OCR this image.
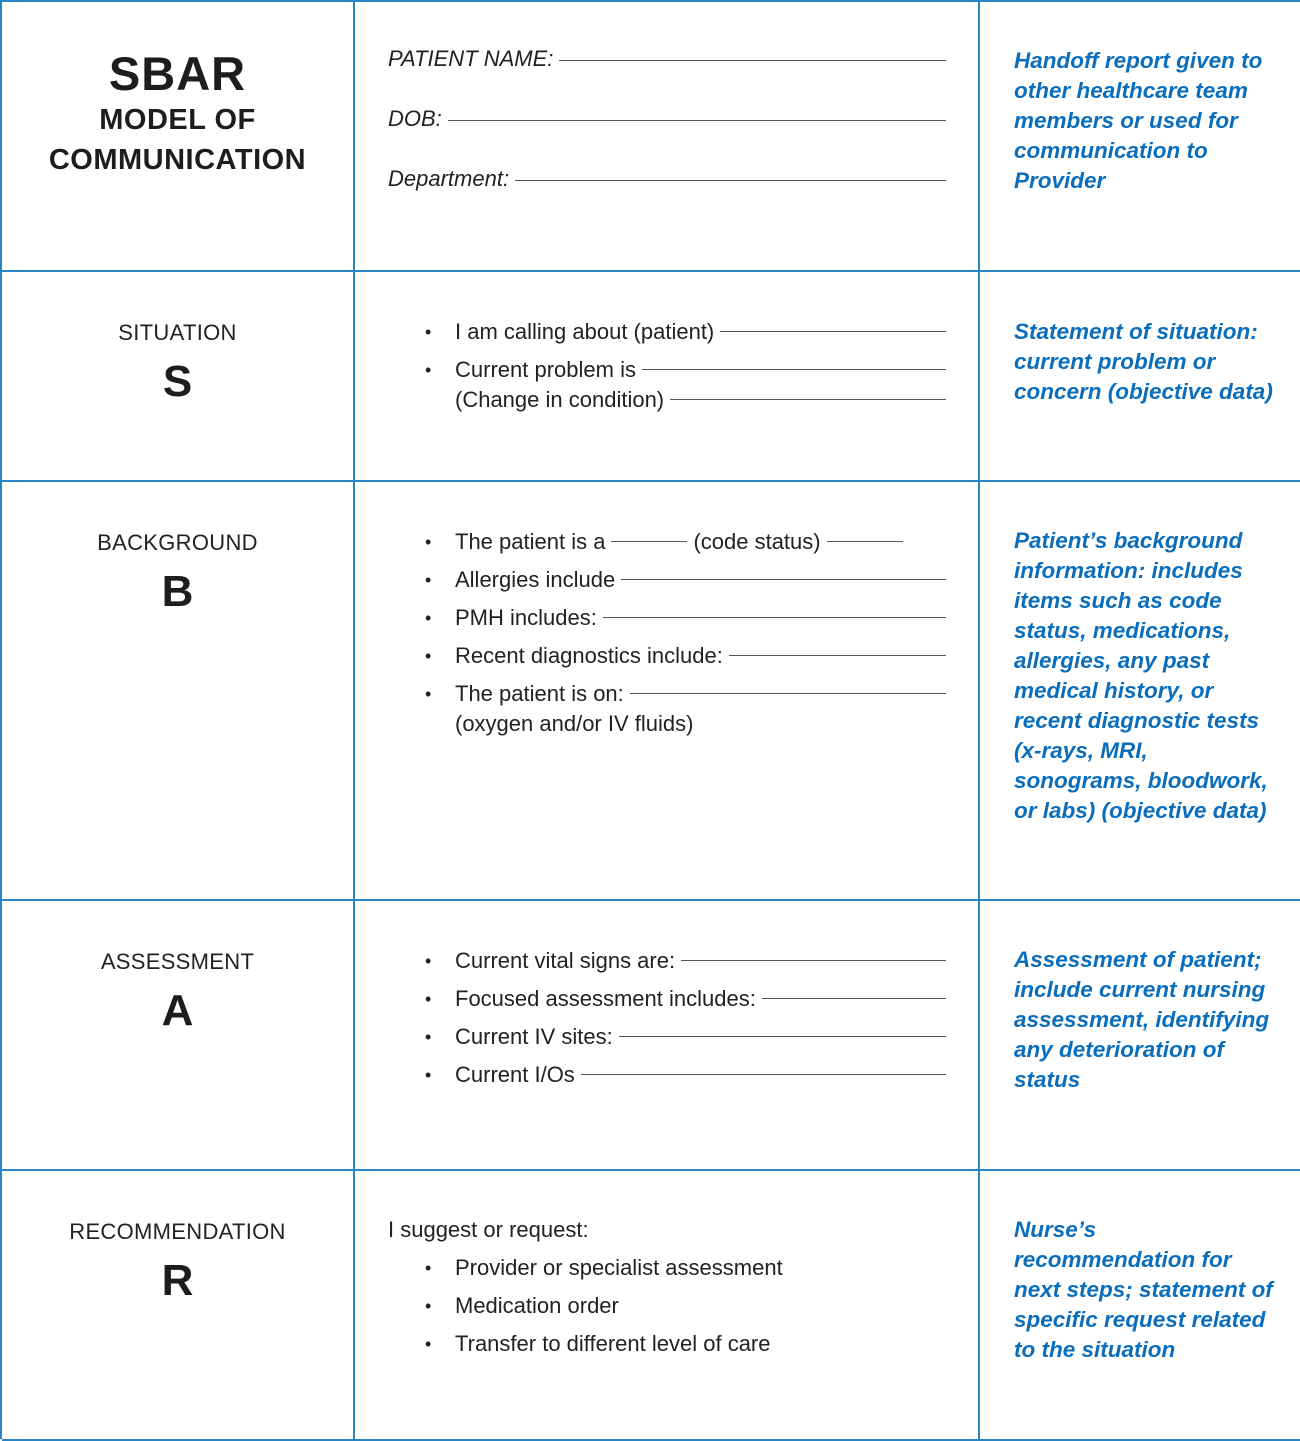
SBAR
MODEL OF
COMMUNICATION
PATIENT NAME:
DOB:
Department:
Handoff report given to other healthcare team members or used for communication to Provider
SITUATION
S
• I am calling about (patient)
• Current problem is
(Change in condition)
Statement of situation: current problem or concern (objective data)
BACKGROUND
B
• The patient is a	(code status)
• Allergies include
• PMH includes:
• Recent diagnostics include:
• The patient is on:
(oxygen and/or IV fluids)
Patient’s background information: includes items such as code status, medications, allergies, any past medical history, or recent diagnostic tests (x-rays, MRI, sonograms, bloodwork, or labs) (objective data)
ASSESSMENT
A
• Current vital signs are:
• Focused assessment includes:
• Current IV sites:
• Current I/Os
Assessment of patient; include current nursing assessment, identifying any deterioration of status
RECOMMENDATION
R
I suggest or request:
• Provider or specialist assessment
• Medication order
• Transfer to different level of care
Nurse’s recommendation for next steps; statement of specific request related to the situation
